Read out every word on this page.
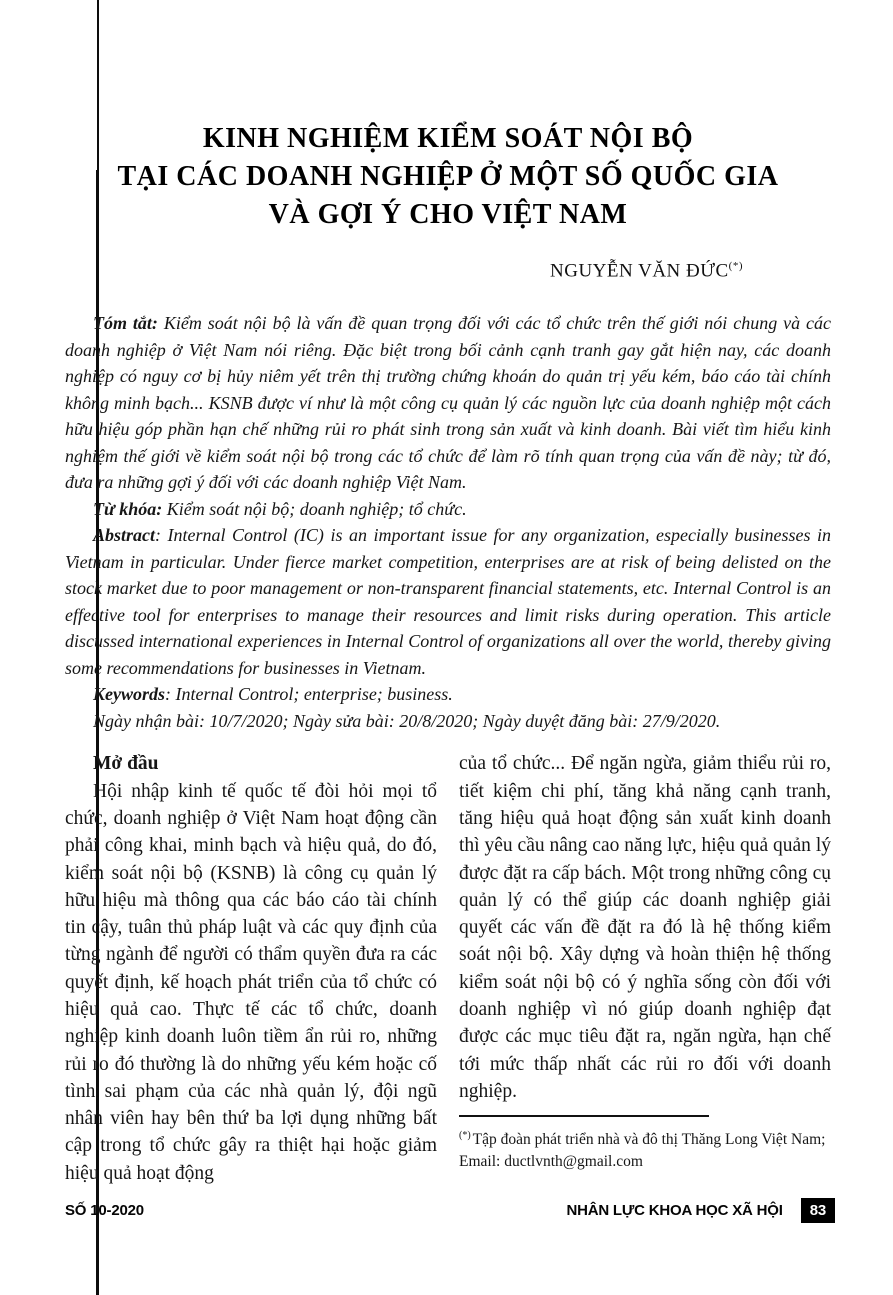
KINH NGHIỆM KIỂM SOÁT NỘI BỘ
TẠI CÁC DOANH NGHIỆP Ở MỘT SỐ QUỐC GIA
VÀ GỢI Ý CHO VIỆT NAM
NGUYỄN VĂN ĐỨC(*)

Tóm tắt: Kiểm soát nội bộ là vấn đề quan trọng đối với các tổ chức trên thế giới nói chung và các doanh nghiệp ở Việt Nam nói riêng. Đặc biệt trong bối cảnh cạnh tranh gay gắt hiện nay, các doanh nghiệp có nguy cơ bị hủy niêm yết trên thị trường chứng khoán do quản trị yếu kém, báo cáo tài chính không minh bạch... KSNB được ví như là một công cụ quản lý các nguồn lực của doanh nghiệp một cách hữu hiệu góp phần hạn chế những rủi ro phát sinh trong sản xuất và kinh doanh. Bài viết tìm hiểu kinh nghiệm thế giới về kiểm soát nội bộ trong các tổ chức để làm rõ tính quan trọng của vấn đề này; từ đó, đưa ra những gợi ý đối với các doanh nghiệp Việt Nam.

Từ khóa: Kiểm soát nội bộ; doanh nghiệp; tổ chức.

Abstract: Internal Control (IC) is an important issue for any organization, especially businesses in Vietnam in particular. Under fierce market competition, enterprises are at risk of being delisted on the stock market due to poor management or non-transparent financial statements, etc. Internal Control is an effective tool for enterprises to manage their resources and limit risks during operation. This article discussed international experiences in Internal Control of organizations all over the world, thereby giving some recommendations for businesses in Vietnam.

Keywords: Internal Control; enterprise; business.

Ngày nhận bài: 10/7/2020; Ngày sửa bài: 20/8/2020; Ngày duyệt đăng bài: 27/9/2020.

Mở đầu

Hội nhập kinh tế quốc tế đòi hỏi mọi tổ chức, doanh nghiệp ở Việt Nam hoạt động cần phải công khai, minh bạch và hiệu quả, do đó, kiểm soát nội bộ (KSNB) là công cụ quản lý hữu hiệu mà thông qua các báo cáo tài chính tin cậy, tuân thủ pháp luật và các quy định của từng ngành để người có thẩm quyền đưa ra các quyết định, kế hoạch phát triển của tổ chức có hiệu quả cao. Thực tế các tổ chức, doanh nghiệp kinh doanh luôn tiềm ẩn rủi ro, những rủi ro đó thường là do những yếu kém hoặc cố tình sai phạm của các nhà quản lý, đội ngũ nhân viên hay bên thứ ba lợi dụng những bất cập trong tổ chức gây ra thiệt hại hoặc giảm hiệu quả hoạt động

của tổ chức... Để ngăn ngừa, giảm thiểu rủi ro, tiết kiệm chi phí, tăng khả năng cạnh tranh, tăng hiệu quả hoạt động sản xuất kinh doanh thì yêu cầu nâng cao năng lực, hiệu quả quản lý được đặt ra cấp bách. Một trong những công cụ quản lý có thể giúp các doanh nghiệp giải quyết các vấn đề đặt ra đó là hệ thống kiểm soát nội bộ. Xây dựng và hoàn thiện hệ thống kiểm soát nội bộ có ý nghĩa sống còn đối với doanh nghiệp vì nó giúp doanh nghiệp đạt được các mục tiêu đặt ra, ngăn ngừa, hạn chế tới mức thấp nhất các rủi ro đối với doanh nghiệp.

(*) Tập đoàn phát triển nhà và đô thị Thăng Long Việt Nam; Email: ductlvnth@gmail.com

SỐ 10-2020	NHÂN LỰC KHOA HỌC XÃ HỘI	83
